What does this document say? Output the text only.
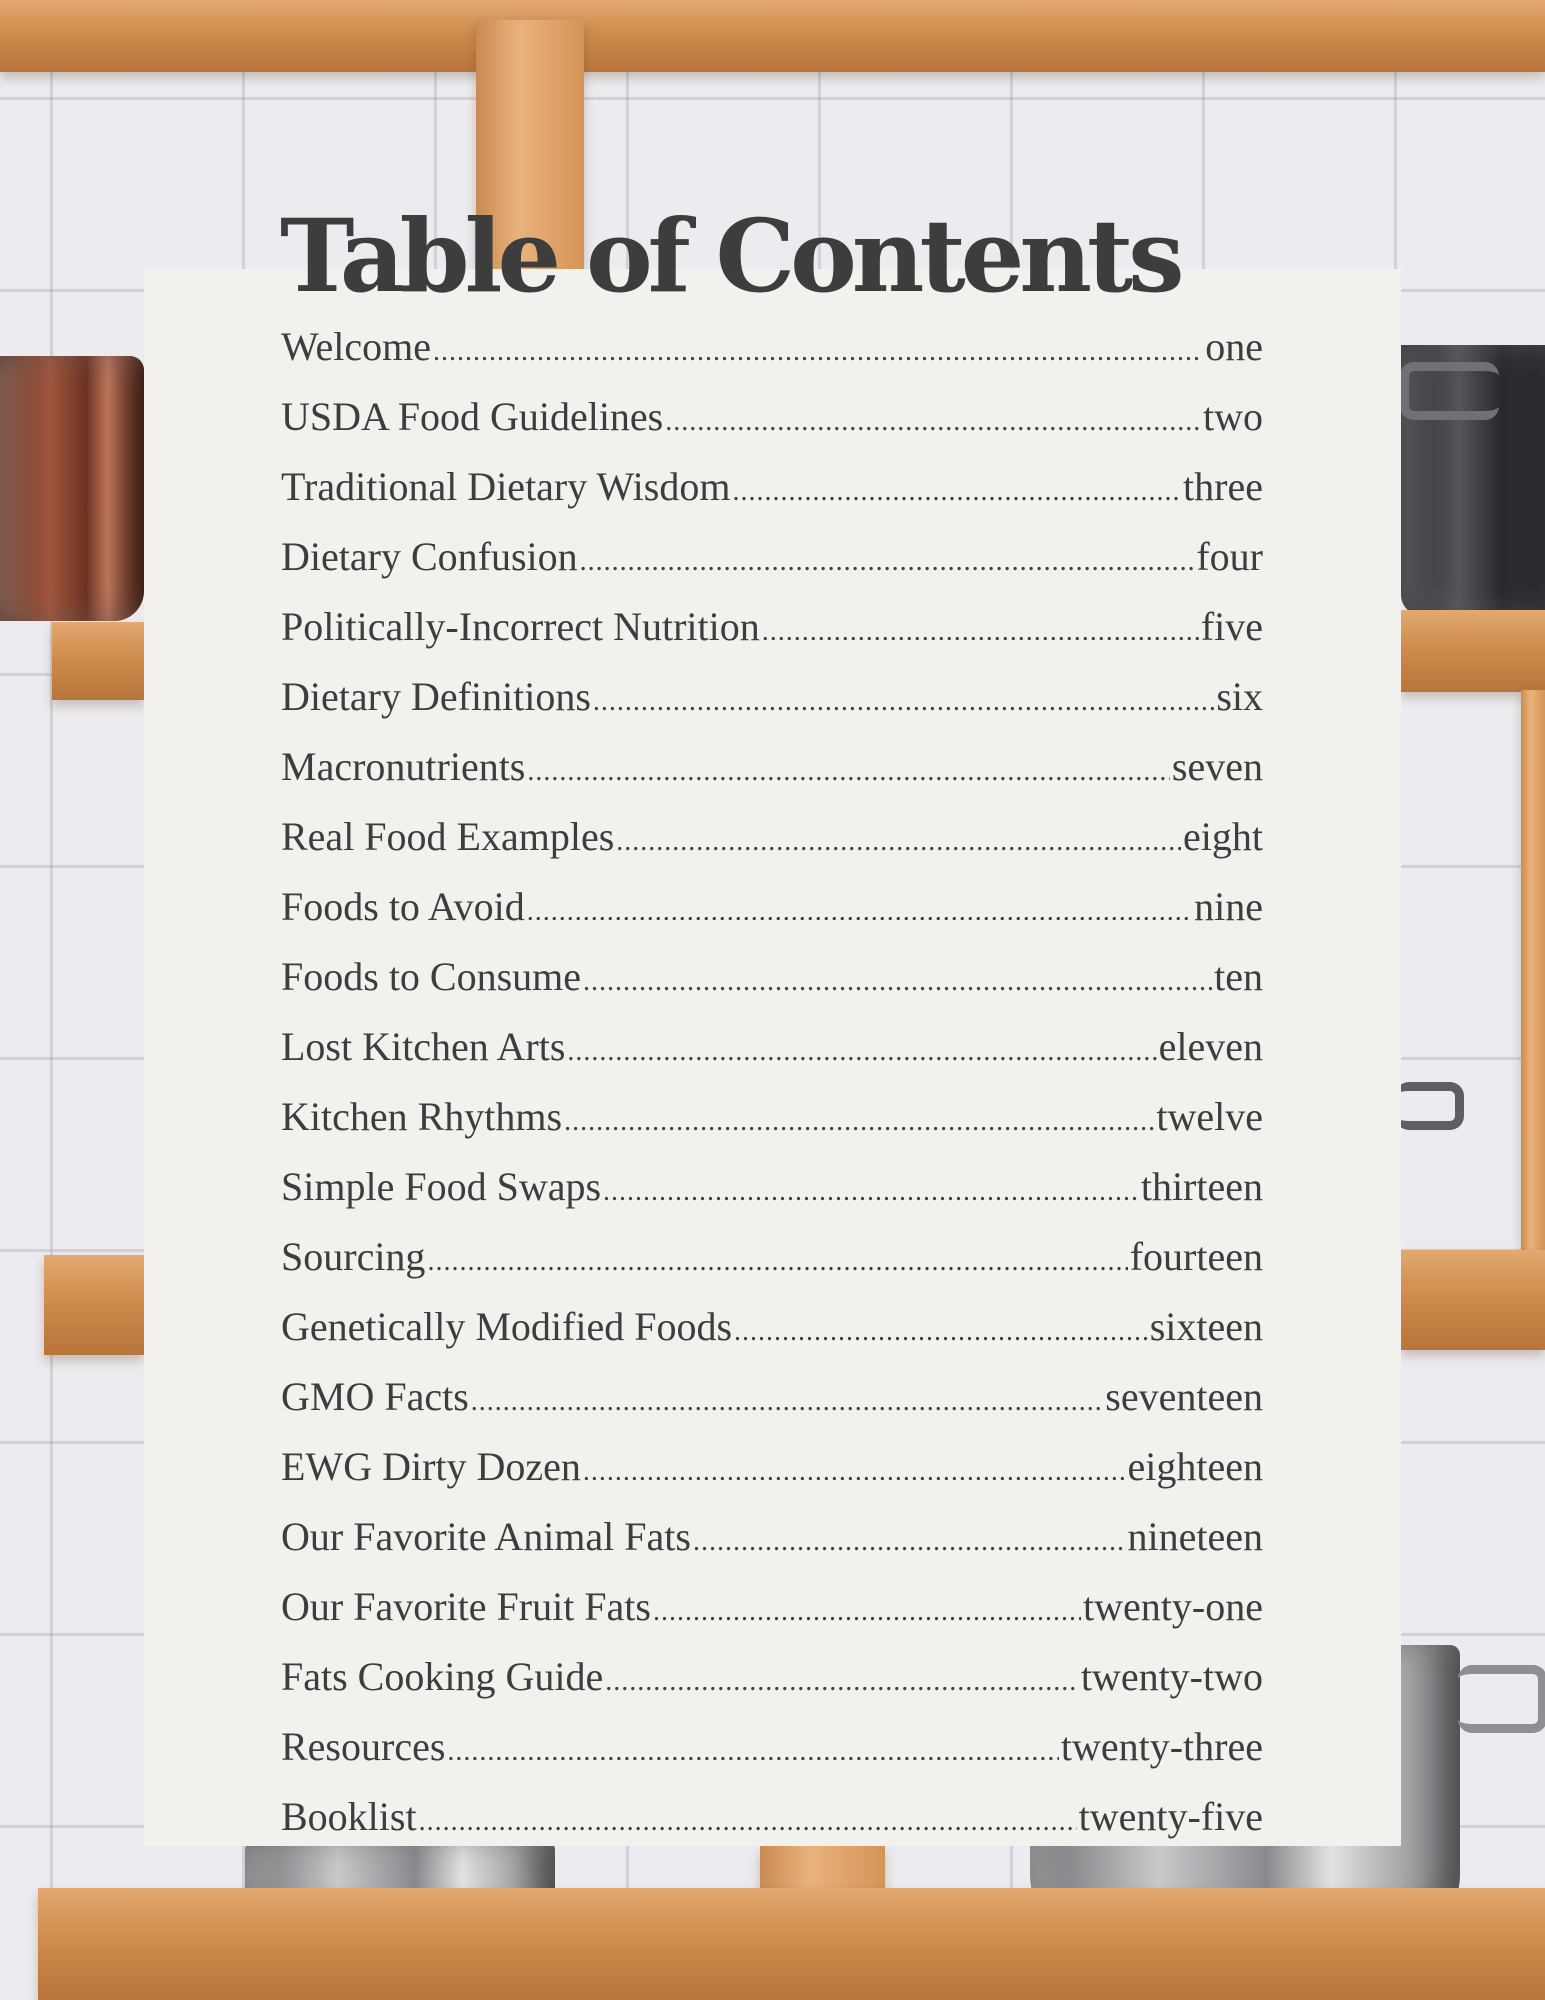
Table of Contents
Welcome .....	one
USDA Food Guidelines .....	two
Traditional Dietary Wisdom .....	three
Dietary Confusion .....	four
Politically-Incorrect Nutrition .....	five
Dietary Definitions .....	six
Macronutrients .....	seven
Real Food Examples .....	eight
Foods to Avoid .....	nine
Foods to Consume .....	ten
Lost Kitchen Arts .....	eleven
Kitchen Rhythms .....	twelve
Simple Food Swaps .....	thirteen
Sourcing .....	fourteen
Genetically Modified Foods .....	sixteen
GMO Facts .....	seventeen
EWG Dirty Dozen .....	eighteen
Our Favorite Animal Fats .....	nineteen
Our Favorite Fruit Fats .....	twenty-one
Fats Cooking Guide .....	twenty-two
Resources .....	twenty-three
Booklist .....	twenty-five
